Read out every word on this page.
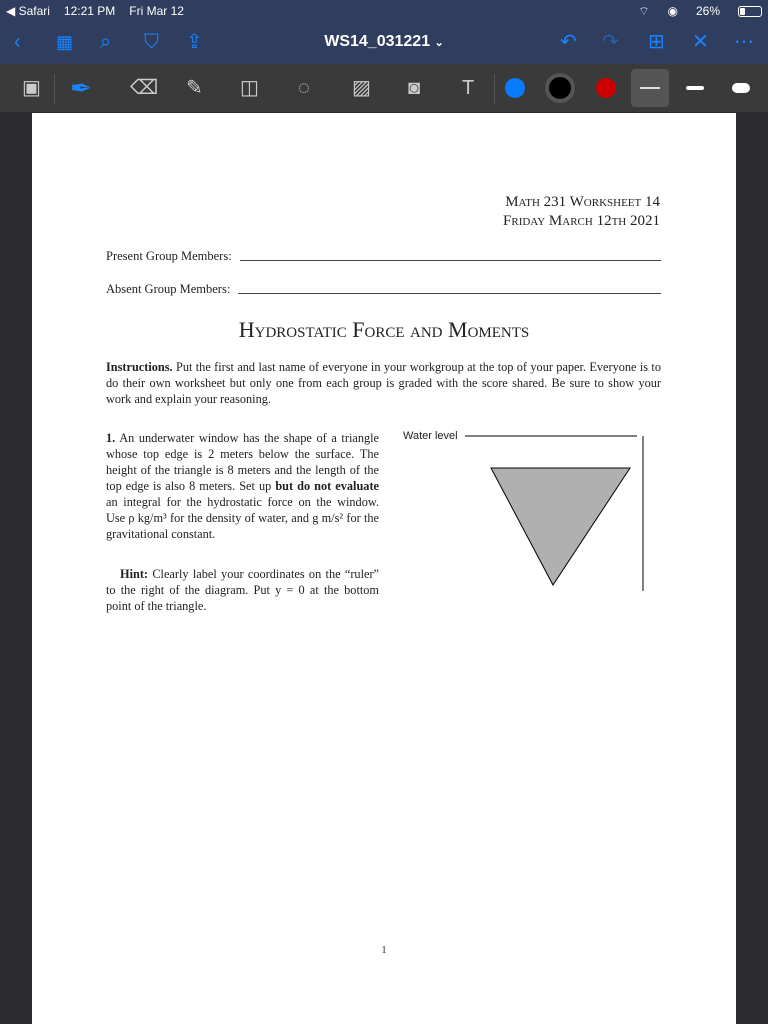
◀ Safari 12:21 PM Fri Mar 12	⌔ ◉ 26%
‹ ▦ ⌕ ⛉ ⇪	WS14_031221 ⌄	↶ ↷ ⊞ ✕ ⋯
▣ ✒ ⌫ ✎ ◫ ◌ ▨ ◙ T
Math 231 Worksheet 14
Friday March 12th 2021
Present Group Members:
Absent Group Members:
Hydrostatic Force and Moments
Instructions. Put the first and last name of everyone in your workgroup at the top of your paper. Everyone is to do their own worksheet but only one from each group is graded with the score shared. Be sure to show your work and explain your reasoning.
1. An underwater window has the shape of a triangle whose top edge is 2 meters below the surface. The height of the triangle is 8 meters and the length of the top edge is also 8 meters. Set up but do not evaluate an integral for the hydrostatic force on the window. Use ρ kg/m³ for the density of water, and g m/s² for the gravitational constant.
Hint: Clearly label your coordinates on the “ruler” to the right of the diagram. Put y = 0 at the bottom point of the triangle.
Water level
1
